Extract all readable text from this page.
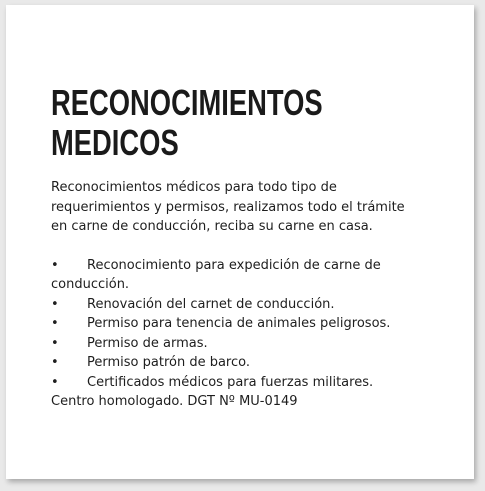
RECONOCIMIENTOS
MEDICOS

Reconocimientos médicos para todo tipo de requerimientos y permisos, realizamos todo el trámite en carne de conducción, reciba su carne en casa.

• Reconocimiento para expedición de carne de conducción.
• Renovación del carnet de conducción.
• Permiso para tenencia de animales peligrosos.
• Permiso de armas.
• Permiso patrón de barco.
• Certificados médicos para fuerzas militares.

Centro homologado. DGT Nº MU-0149
